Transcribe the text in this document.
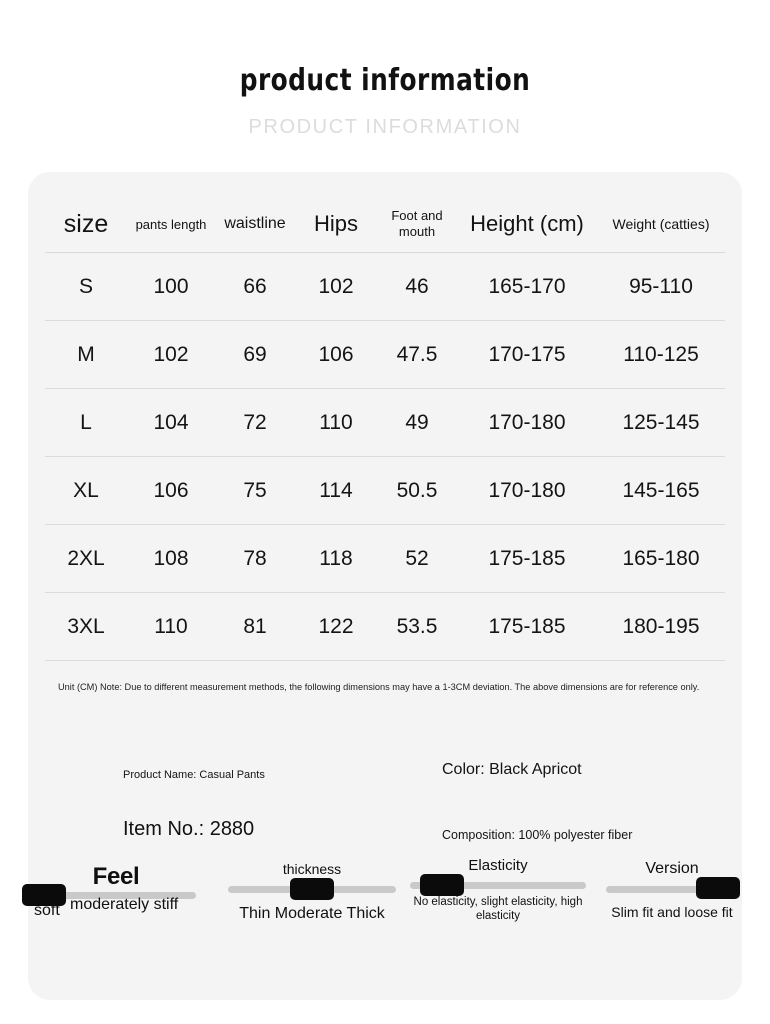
product information
PRODUCT INFORMATION
size	pants length	waistline	Hips	Foot and mouth	Height (cm)	Weight (catties)
S	100	66	102	46	165-170	95-110
M	102	69	106	47.5	170-175	110-125
L	104	72	110	49	170-180	125-145
XL	106	75	114	50.5	170-180	145-165
2XL	108	78	118	52	175-185	165-180
3XL	110	81	122	53.5	175-185	180-195
Unit (CM) Note: Due to different measurement methods, the following dimensions may have a 1-3CM deviation. The above dimensions are for reference only.
Product Name: Casual Pants	Color: Black Apricot
Item No.: 2880	Composition: 100% polyester fiber
Feel
soft moderately stiff
thickness
Thin Moderate Thick
Elasticity
No elasticity, slight elasticity, high elasticity
Version
Slim fit and loose fit
